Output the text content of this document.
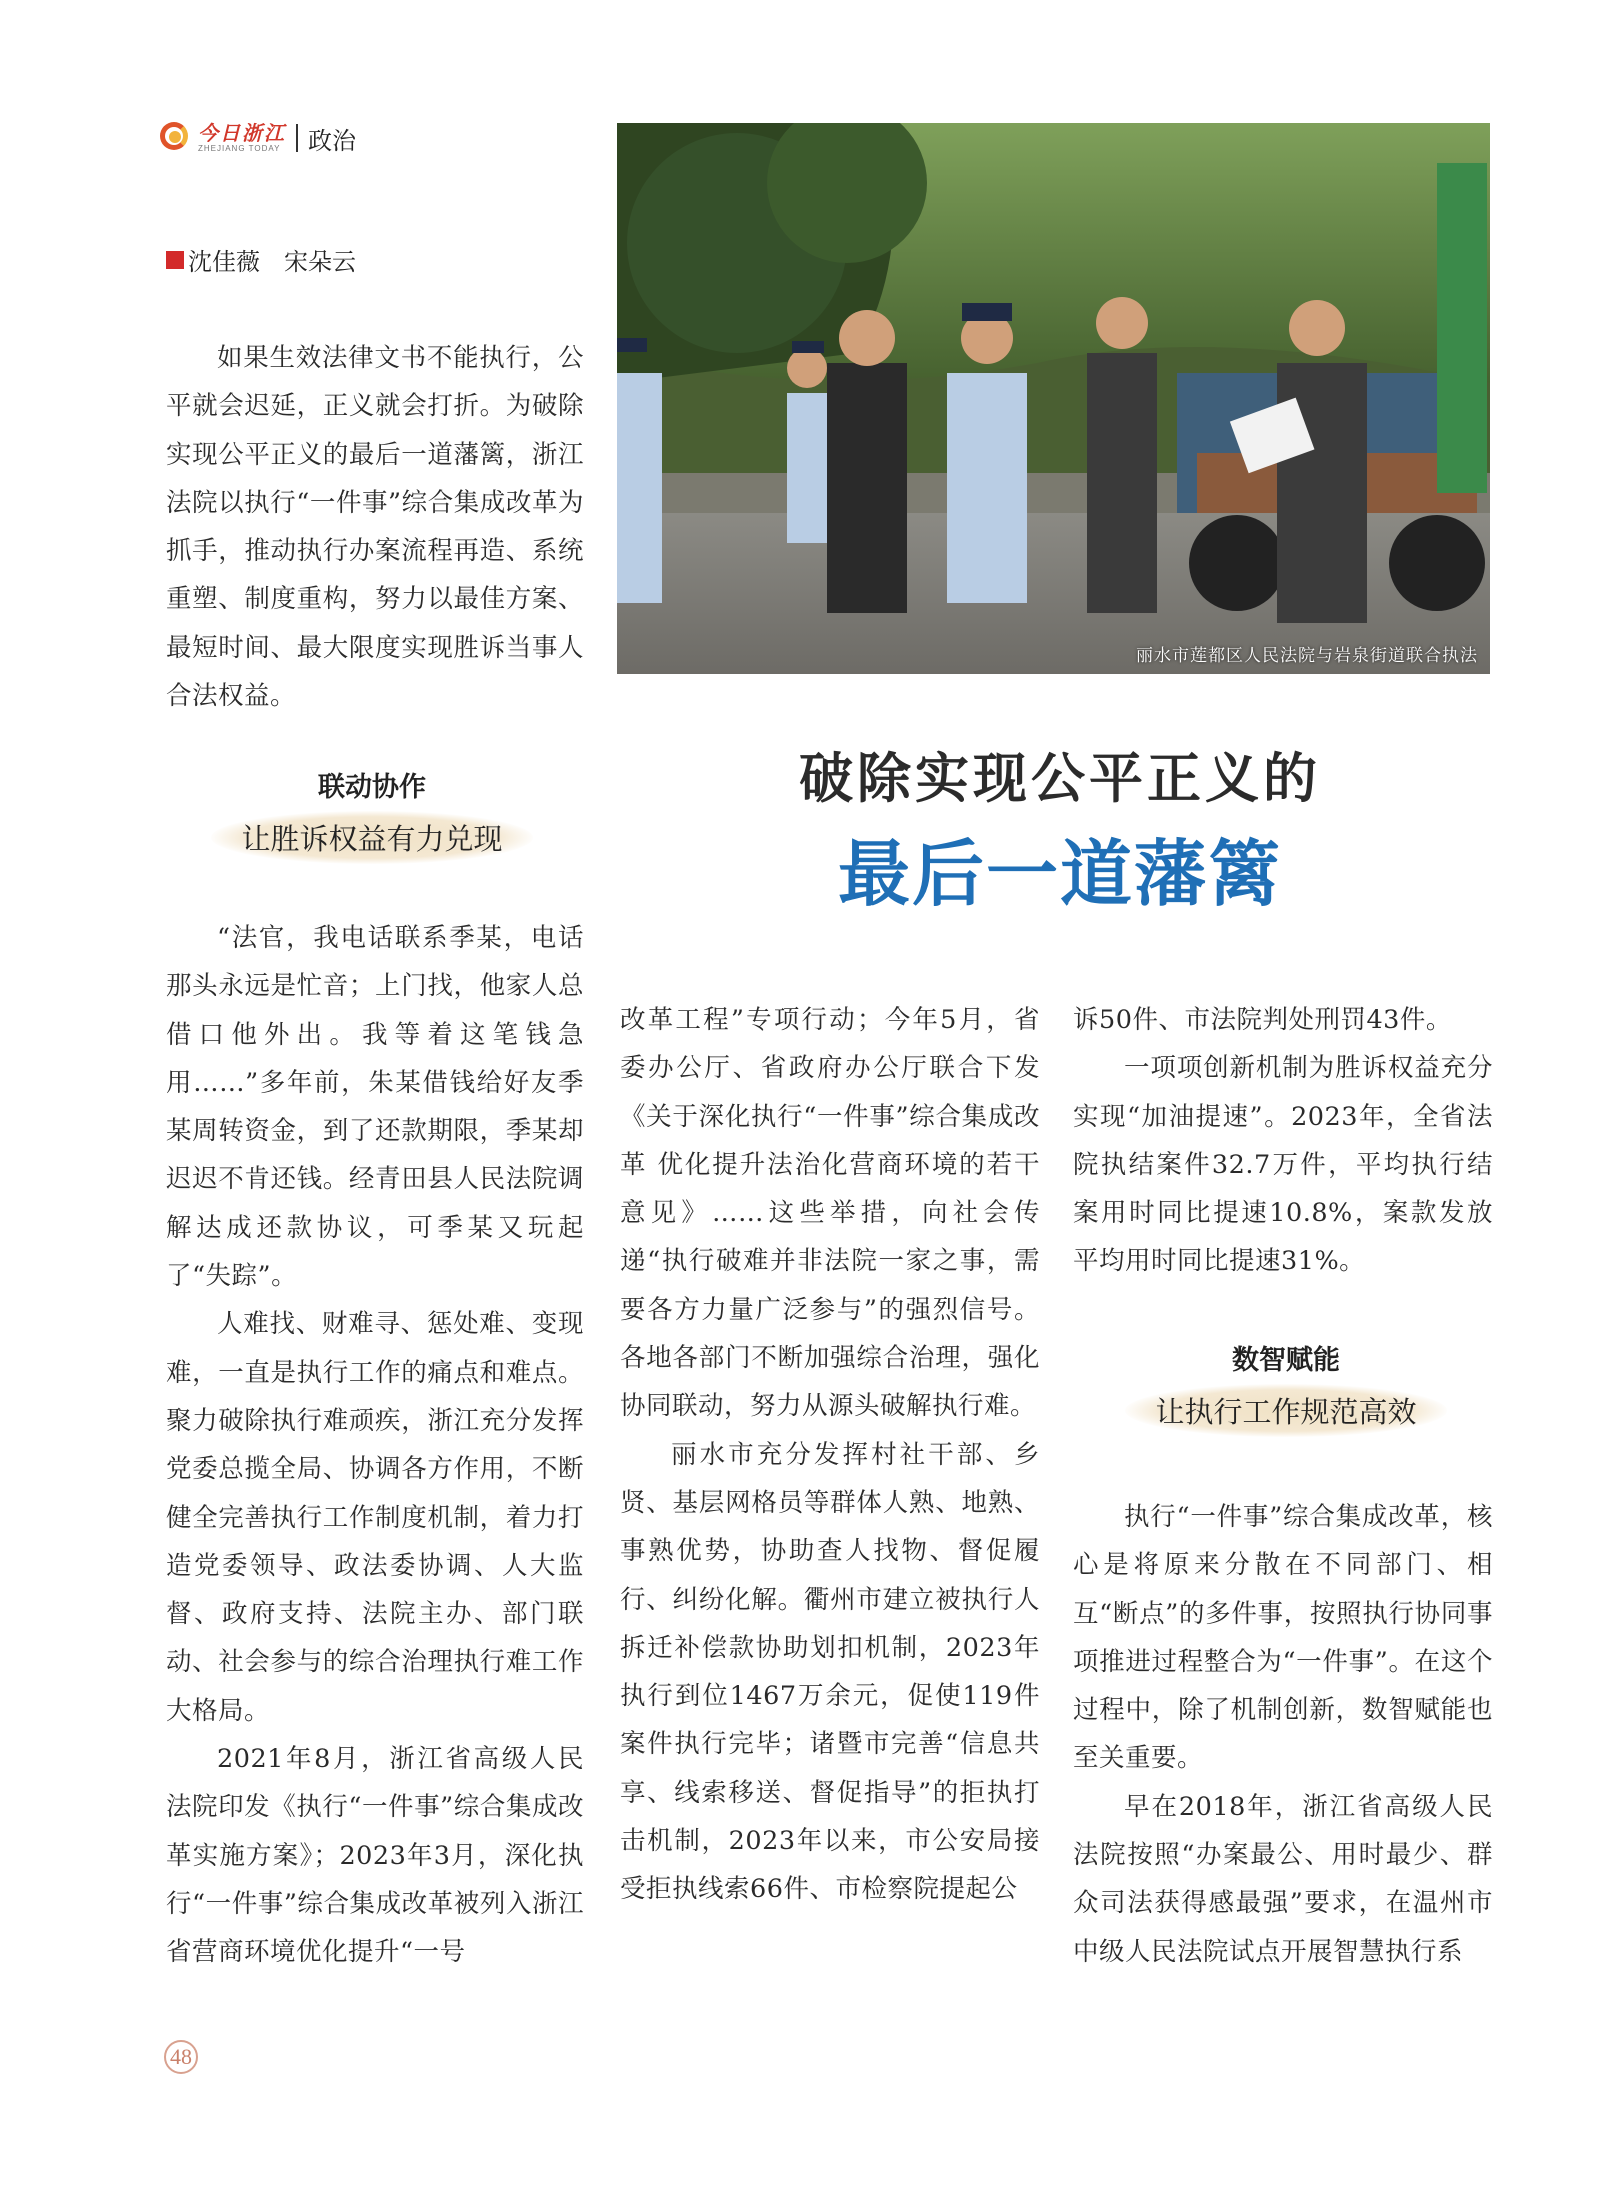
今日浙江
ZHEJIANG TODAY 政治
沈佳薇　宋朵云

如果生效法律文书不能执行，公平就会迟延，正义就会打折。为破除实现公平正义的最后一道藩篱，浙江法院以执行“一件事”综合集成改革为抓手，推动执行办案流程再造、系统重塑、制度重构，努力以最佳方案、最短时间、最大限度实现胜诉当事人合法权益。

联动协作
让胜诉权益有力兑现

“法官，我电话联系季某，电话那头永远是忙音；上门找，他家人总借口他外出。我等着这笔钱急用……”多年前，朱某借钱给好友季某周转资金，到了还款期限，季某却迟迟不肯还钱。经青田县人民法院调解达成还款协议，可季某又玩起了“失踪”。

人难找、财难寻、惩处难、变现难，一直是执行工作的痛点和难点。聚力破除执行难顽疾，浙江充分发挥党委总揽全局、协调各方作用，不断健全完善执行工作制度机制，着力打造党委领导、政法委协调、人大监督、政府支持、法院主办、部门联动、社会参与的综合治理执行难工作大格局。

2021年8月，浙江省高级人民法院印发《执行“一件事”综合集成改革实施方案》；2023年3月，深化执行“一件事”综合集成改革被列入浙江省营商环境优化提升“一号

丽水市莲都区人民法院与岩泉街道联合执法
破除实现公平正义的
最后一道藩篱

改革工程”专项行动；今年5月，省委办公厅、省政府办公厅联合下发《关于深化执行“一件事”综合集成改革 优化提升法治化营商环境的若干意见》……这些举措，向社会传递“执行破难并非法院一家之事，需要各方力量广泛参与”的强烈信号。各地各部门不断加强综合治理，强化协同联动，努力从源头破解执行难。

丽水市充分发挥村社干部、乡贤、基层网格员等群体人熟、地熟、事熟优势，协助查人找物、督促履行、纠纷化解。衢州市建立被执行人拆迁补偿款协助划扣机制，2023年执行到位1467万余元，促使119件案件执行完毕；诸暨市完善“信息共享、线索移送、督促指导”的拒执打击机制，2023年以来，市公安局接受拒执线索66件、市检察院提起公

诉50件、市法院判处刑罚43件。

一项项创新机制为胜诉权益充分实现“加油提速”。2023年，全省法院执结案件32.7万件，平均执行结案用时同比提速10.8%，案款发放平均用时同比提速31%。

数智赋能
让执行工作规范高效

执行“一件事”综合集成改革，核心是将原来分散在不同部门、相互“断点”的多件事，按照执行协同事项推进过程整合为“一件事”。在这个过程中，除了机制创新，数智赋能也至关重要。

早在2018年，浙江省高级人民法院按照“办案最公、用时最少、群众司法获得感最强”要求，在温州市中级人民法院试点开展智慧执行系

48
